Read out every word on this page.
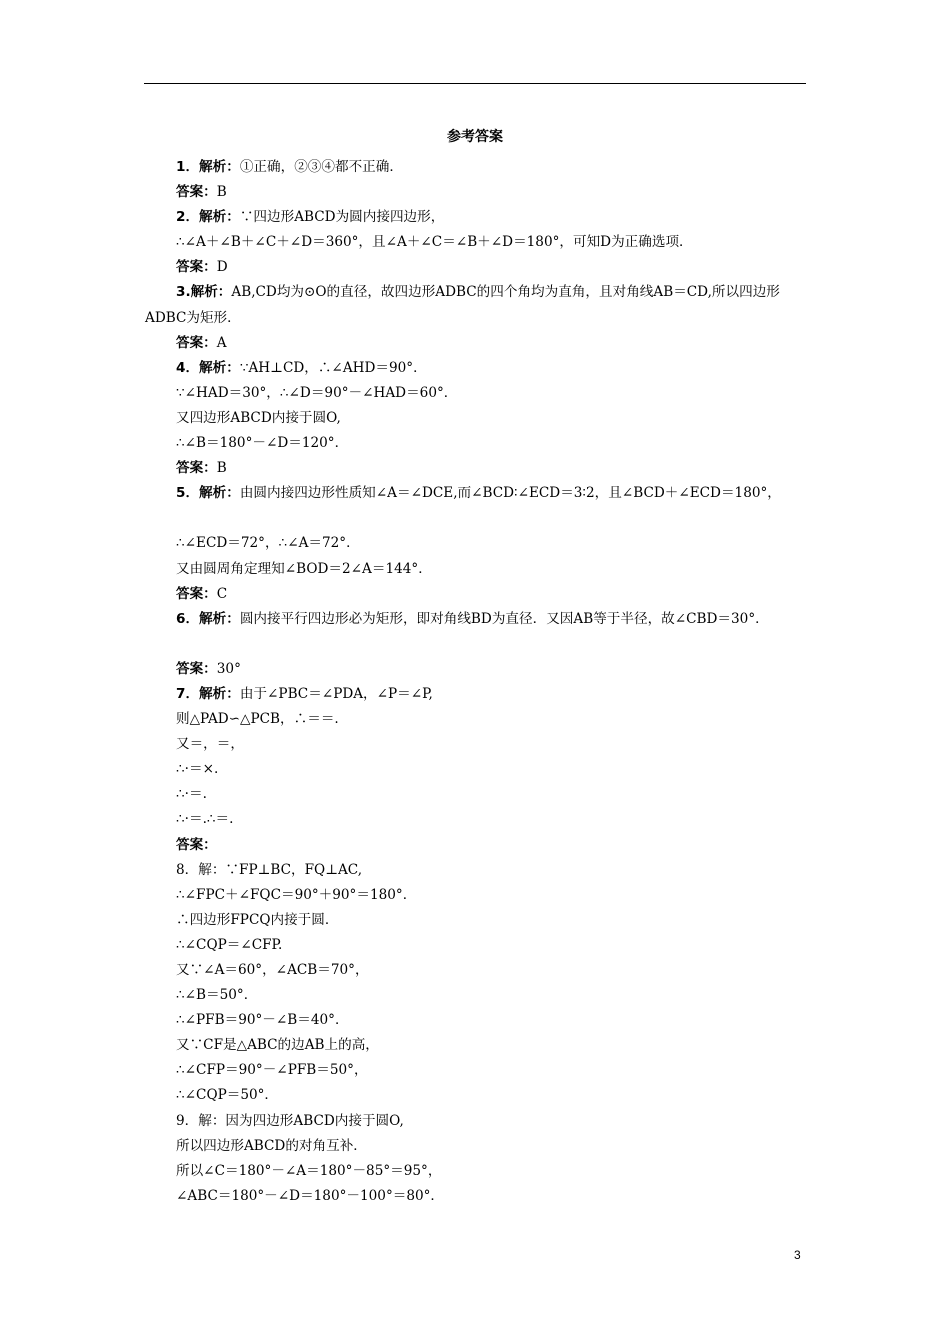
参考答案
1．解析：①正确，②③④都不正确．
答案：B
2．解析：∵四边形ABCD为圆内接四边形，
∴∠A＋∠B＋∠C＋∠D＝360°，且∠A＋∠C＝∠B＋∠D＝180°，可知D为正确选项．
答案：D
3.解析：AB,CD均为⊙O的直径，故四边形ADBC的四个角均为直角，且对角线AB＝CD,所以四边形ADBC为矩形．
答案：A
4．解析：∵AH⊥CD，∴∠AHD＝90°．
∵∠HAD＝30°，∴∠D＝90°－∠HAD＝60°．
又四边形ABCD内接于圆O,
∴∠B＝180°－∠D＝120°．
答案：B
5．解析：由圆内接四边形性质知∠A＝∠DCE,而∠BCD∶∠ECD＝3∶2，且∠BCD＋∠ECD＝180°，
∴∠ECD＝72°，∴∠A＝72°．
又由圆周角定理知∠BOD＝2∠A＝144°．
答案：C
6．解析：圆内接平行四边形必为矩形，即对角线BD为直径．又因AB等于半径，故∠CBD＝30°．
答案：30°
7．解析：由于∠PBC＝∠PDA，∠P＝∠P,
则△PAD∽△PCB，∴＝＝.
又＝，＝，
∴·＝×.
∴·＝.
∴·＝.∴＝.
答案：
8．解：∵FP⊥BC，FQ⊥AC,
∴∠FPC＋∠FQC＝90°＋90°＝180°．
∴四边形FPCQ内接于圆．
∴∠CQP＝∠CFP.
又∵∠A＝60°，∠ACB＝70°，
∴∠B＝50°．
∴∠PFB＝90°－∠B＝40°．
又∵CF是△ABC的边AB上的高，
∴∠CFP＝90°－∠PFB＝50°，
∴∠CQP＝50°．
9．解：因为四边形ABCD内接于圆O,
所以四边形ABCD的对角互补．
所以∠C＝180°－∠A＝180°－85°＝95°，
∠ABC＝180°－∠D＝180°－100°＝80°．
3
